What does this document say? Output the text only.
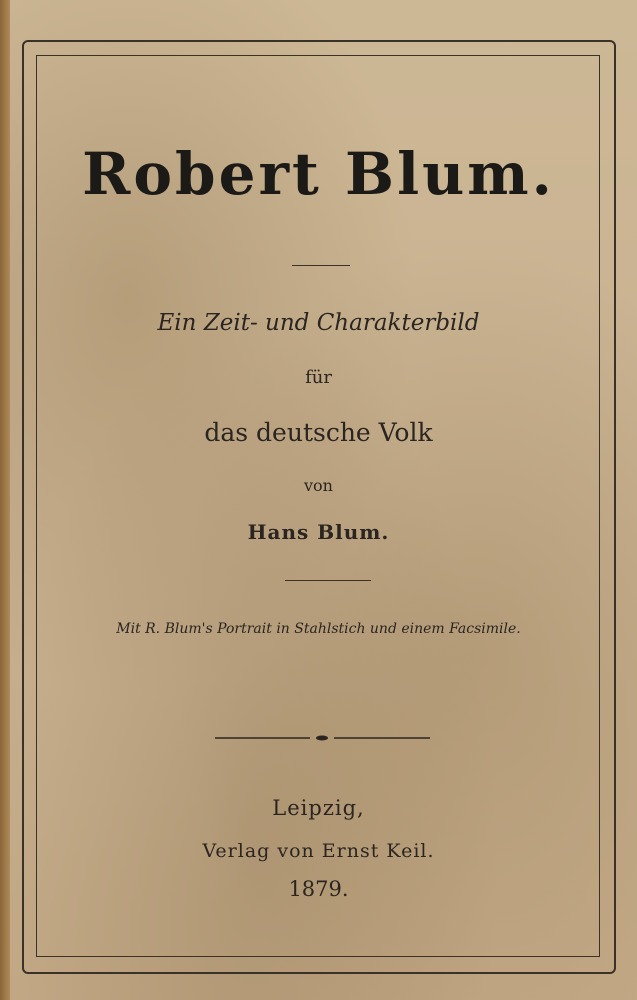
Robert Blum.
Ein Zeit- und Charakterbild
für
das deutsche Volk
von
Hans Blum.
Mit R. Blum's Portrait in Stahlstich und einem Facsimile.
Leipzig,
Verlag von Ernst Keil.
1879.
